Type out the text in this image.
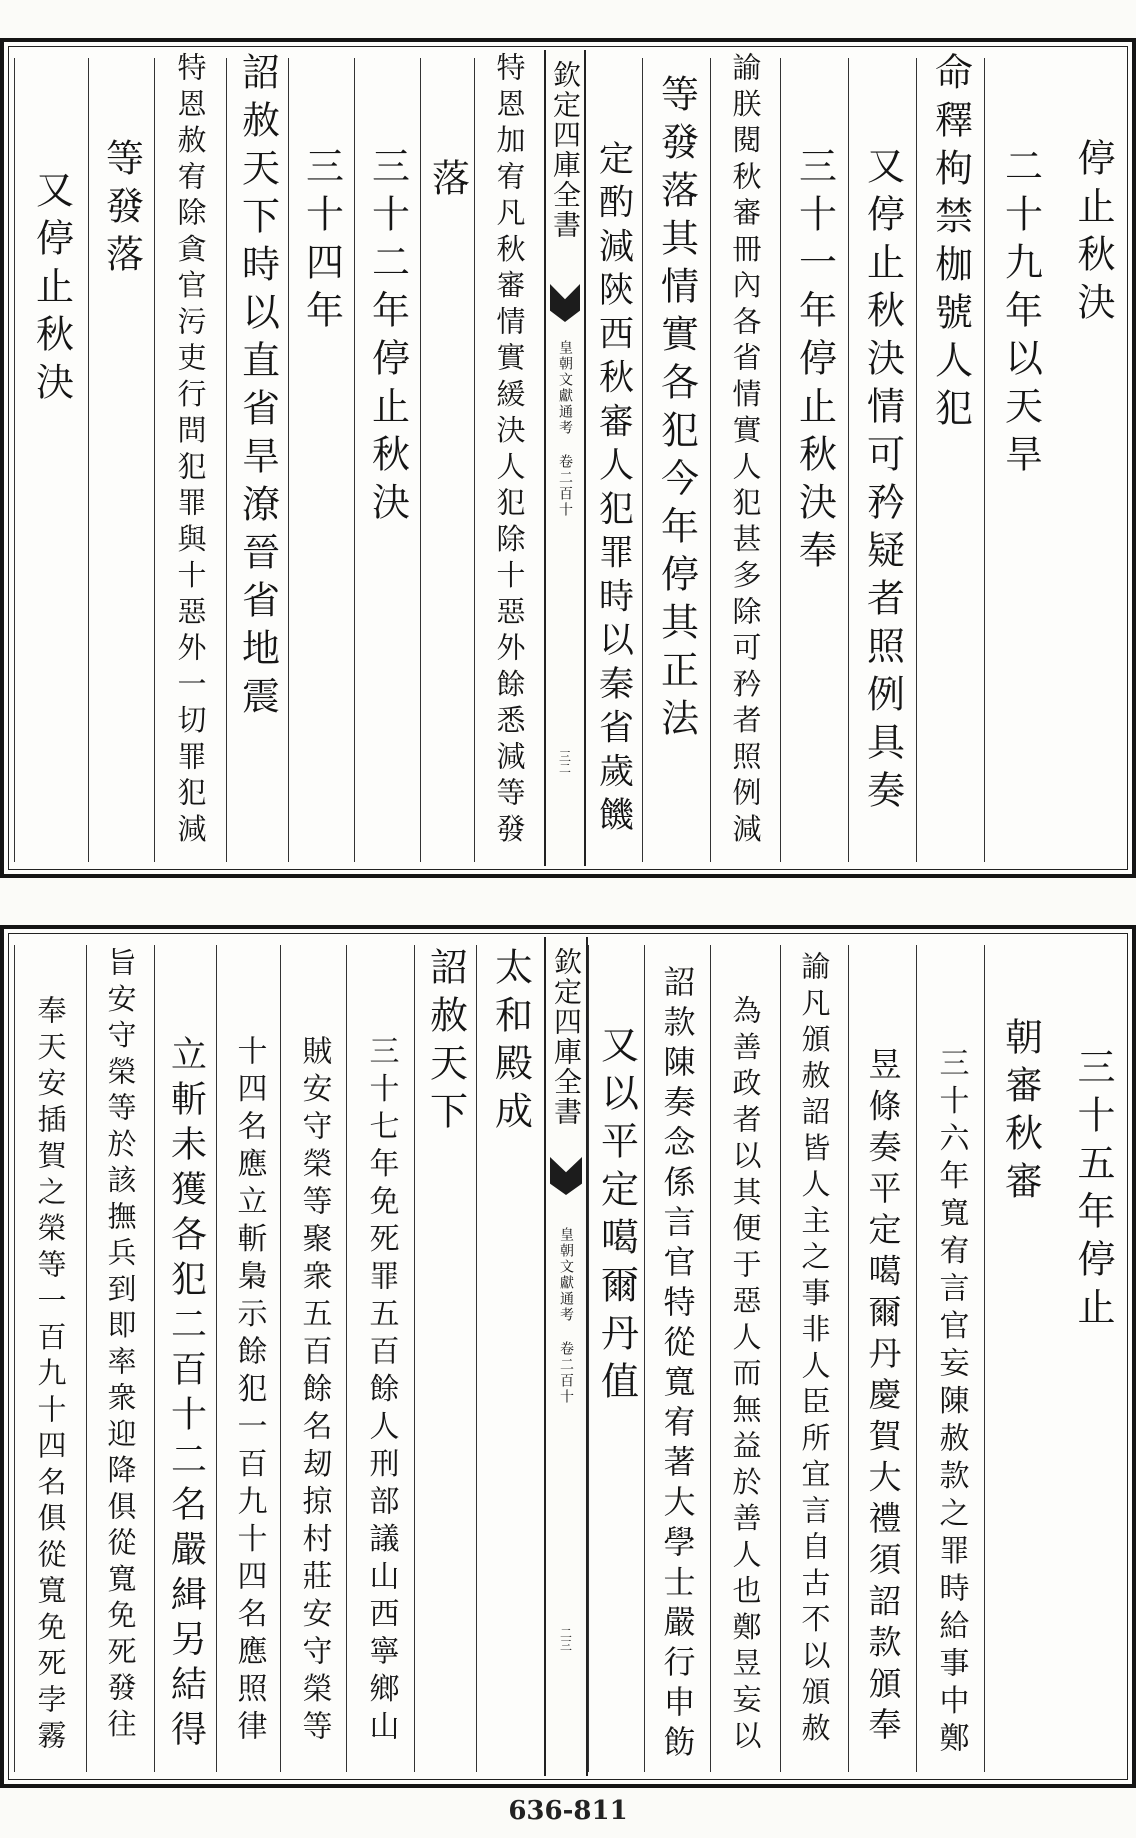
停止秋決
二十九年以天旱
命釋枸禁枷號人犯
又停止秋決情可矜疑者照例具奏
三十一年停止秋決奉
諭朕閱秋審冊內各省情實人犯甚多除可矜者照例減
等發落其情實各犯今年停其正法
定酌減陝西秋審人犯罪時以秦省歲饑
欽定四庫全書
皇朝文獻通考 卷二百十
三二
特恩加宥凡秋審情實緩決人犯除十惡外餘悉減等發
落
三十二年停止秋決
三十四年
詔赦天下時以直省旱潦晉省地震
特恩赦宥除貪官污吏行問犯罪與十惡外一切罪犯減
等發落
又停止秋決
三十五年停止
朝審秋審
三十六年寬宥言官妄陳赦款之罪時給事中鄭
昱條奏平定噶爾丹慶賀大禮須詔款頒奉
諭凡頒赦詔皆人主之事非人臣所宜言自古不以頒赦
為善政者以其便于惡人而無益於善人也鄭昱妄以
詔款陳奏念係言官特從寬宥著大學士嚴行申飭
又以平定噶爾丹值
欽定四庫全書
皇朝文獻通考 卷二百十
二三
太和殿成
詔赦天下
三十七年免死罪五百餘人刑部議山西寧鄉山
賊安守榮等聚衆五百餘名刼掠村莊安守榮等
十四名應立斬梟示餘犯一百九十四名應照律
立斬未獲各犯二百十二名嚴緝另結得
旨安守榮等於該撫兵到即率衆迎降俱從寬免死發往
奉天安插賀之榮等一百九十四名俱從寬免死孛霧
636-811
